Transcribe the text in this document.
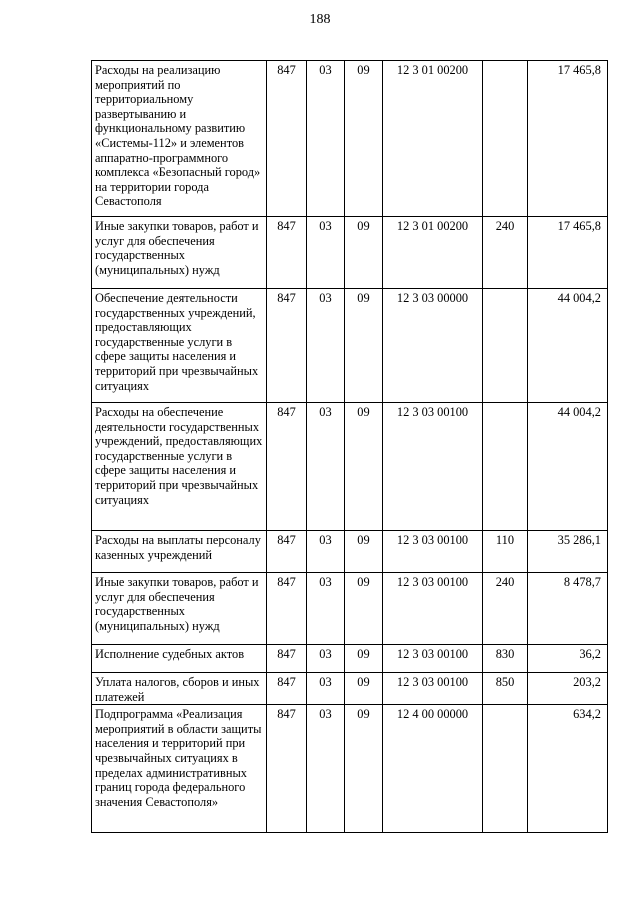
188
Расходы на реализацию мероприятий по территориальному развертыванию и функциональному развитию «Системы-112» и элементов аппаратно-программного комплекса «Безопасный город» на территории города Севастополя	847	03	09	12 3 01 00200		17 465,8
Иные закупки товаров, работ и услуг для обеспечения государственных (муниципальных) нужд	847	03	09	12 3 01 00200	240	17 465,8
Обеспечение деятельности государственных учреждений, предоставляющих государственные услуги в сфере защиты населения и территорий при чрезвычайных ситуациях	847	03	09	12 3 03 00000		44 004,2
Расходы на обеспечение деятельности государственных учреждений, предоставляющих государственные услуги в сфере защиты населения и территорий при чрезвычайных ситуациях	847	03	09	12 3 03 00100		44 004,2
Расходы на выплаты персоналу казенных учреждений	847	03	09	12 3 03 00100	110	35 286,1
Иные закупки товаров, работ и услуг для обеспечения государственных (муниципальных) нужд	847	03	09	12 3 03 00100	240	8 478,7
Исполнение судебных актов	847	03	09	12 3 03 00100	830	36,2
Уплата налогов, сборов и иных платежей	847	03	09	12 3 03 00100	850	203,2
Подпрограмма «Реализация мероприятий в области защиты населения и территорий при чрезвычайных ситуациях в пределах административных границ города федерального значения Севастополя»	847	03	09	12 4 00 00000		634,2
